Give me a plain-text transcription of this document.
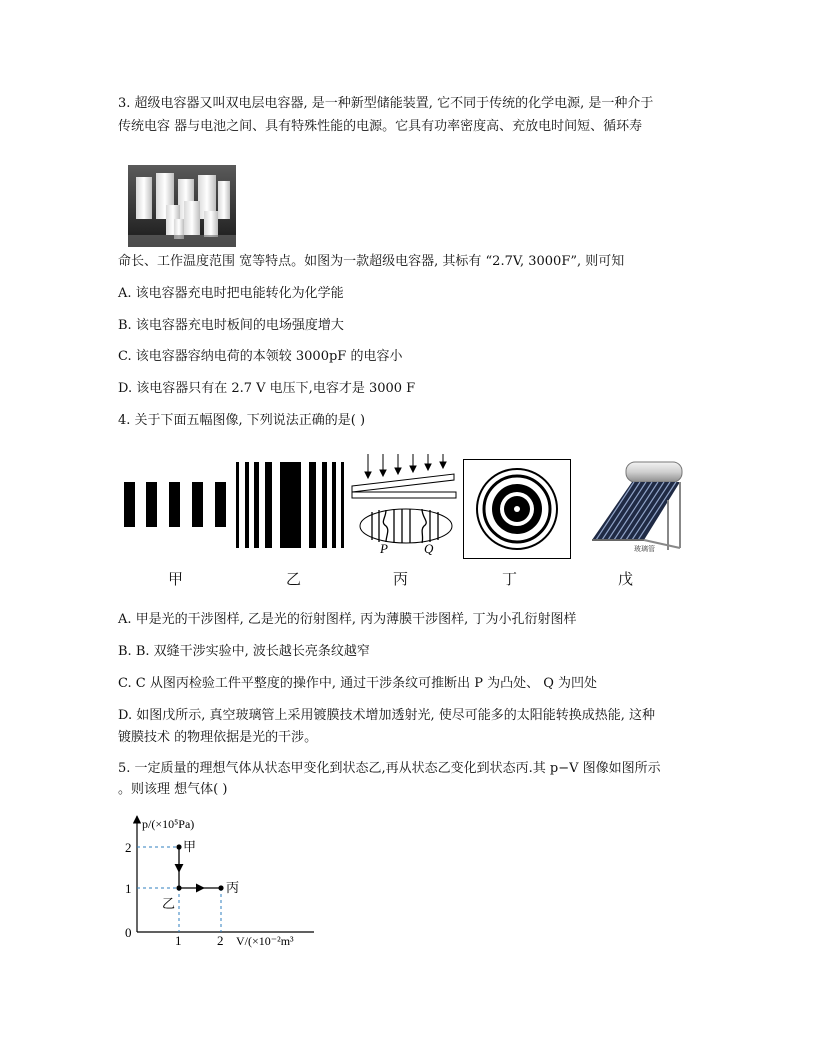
3. 超级电容器又叫双电层电容器, 是一种新型储能装置, 它不同于传统的化学电源, 是一种介于
传统电容 器与电池之间、具有特殊性能的电源。它具有功率密度高、充放电时间短、循环寿
命长、工作温度范围 宽等特点。如图为一款超级电容器, 其标有 “2.7V, 3000F”, 则可知
A. 该电容器充电时把电能转化为化学能
B. 该电容器充电时板间的电场强度增大
C. 该电容器容纳电荷的本领较 3000pF 的电容小
D. 该电容器只有在 2.7 V 电压下,电容才是 3000 F
4. 关于下面五幅图像, 下列说法正确的是( )
P	Q	玻璃管
甲	乙	丙	丁	戊
A. 甲是光的干涉图样, 乙是光的衍射图样, 丙为薄膜干涉图样, 丁为小孔衍射图样
B. B. 双缝干涉实验中, 波长越长亮条纹越窄
C. C 从图丙检验工件平整度的操作中, 通过干涉条纹可推断出 P 为凸处、 Q 为凹处
D. 如图戊所示, 真空玻璃管上采用镀膜技术增加透射光, 使尽可能多的太阳能转换成热能, 这种
镀膜技术 的物理依据是光的干涉。
5. 一定质量的理想气体从状态甲变化到状态乙,再从状态乙变化到状态丙.其 p−V 图像如图所示
。则该理 想气体( )
p/(×10⁵Pa)
V/(×10⁻²m³
2
1
0
1	2
甲
乙
丙
